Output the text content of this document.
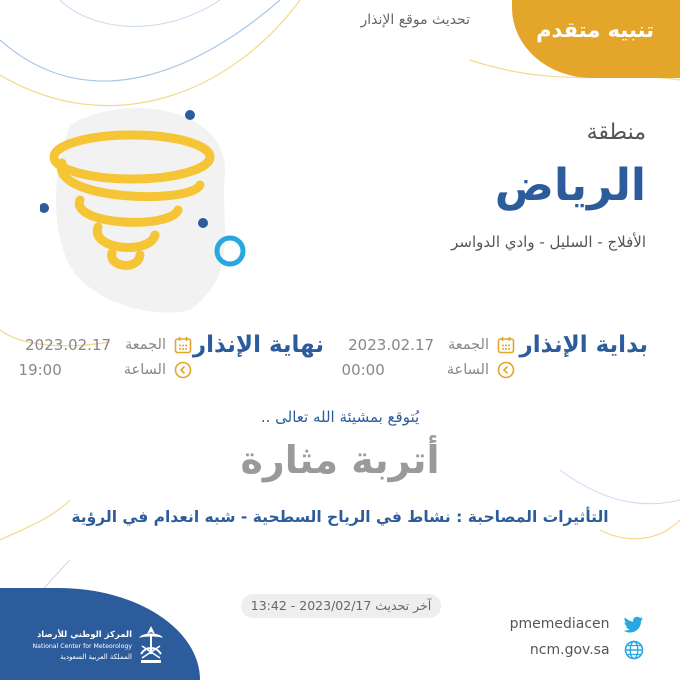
تنبيه متقدم
تحديث موقع الإنذار
منطقة
الرياض
الأفلاج - السليل - وادي الدواسر
بداية الإنذار
الجمعة2023.02.17
الساعة00:00
نهاية الإنذار
الجمعة2023.02.17
الساعة19:00
يُتوقع بمشيئة الله تعالى ..
أتربة مثارة
التأثيرات المصاحبة : نشاط في الرياح السطحية - شبه انعدام في الرؤية
آخر تحديث 2023/02/17 - 13:42
pmemediacen
ncm.gov.sa
المركز الوطني للأرصاد
National Center for Meteorology
المملكة العربية السعودية
